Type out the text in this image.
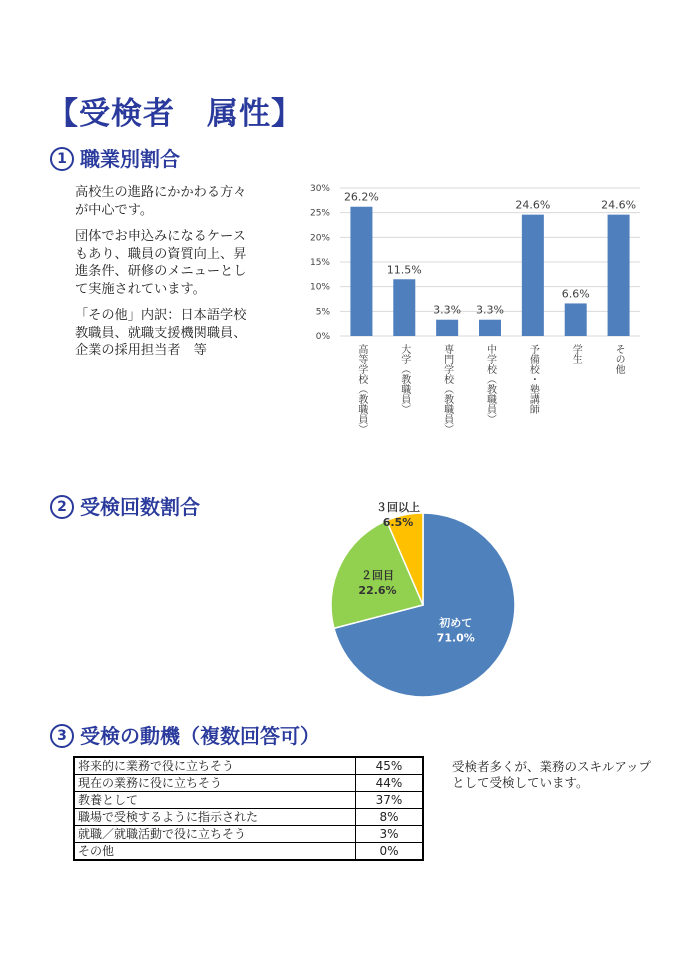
【受検者　属性】
1 職業別割合

高校生の進路にかかわる方々が中心です。

団体でお申込みになるケースもあり、職員の資質向上、昇進条件、研修のメニューとして実施されています。

「その他」内訳：日本語学校教職員、就職支援機関職員、企業の採用担当者　等

0%
5%
10%
15%
20%
25%
30%
26.2%
高等学校（教職員）
11.5%
大学（教職員）
3.3%
専門学校（教職員）
3.3%
中学校（教職員）
24.6%
予備校・塾講師
6.6%
学生
24.6%
その他
2 受検回数割合
初めて
71.0%
２回目
22.6%
３回以上
6.5%
3 受検の動機（複数回答可）
将来的に業務で役に立ちそう	45%
現在の業務に役に立ちそう	44%
教養として	37%
職場で受検するように指示された	8%
就職／就職活動で役に立ちそう	3%
その他	0%
受検者多くが、業務のスキルアップとして受検しています。
